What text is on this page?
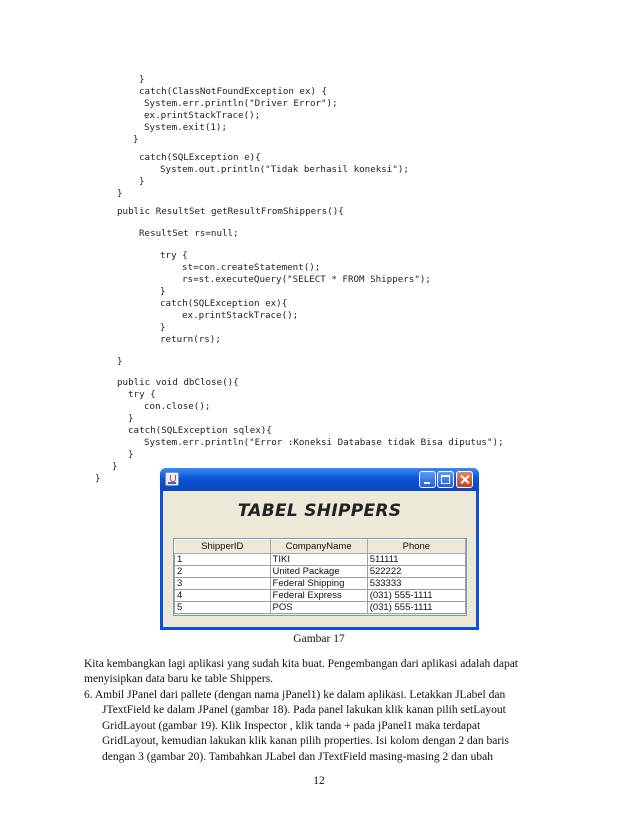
}
catch(ClassNotFoundException ex) {
System.err.println("Driver Error");
ex.printStackTrace();
System.exit(1);
}
catch(SQLException e){
System.out.println("Tidak berhasil koneksi");
}
}
public ResultSet getResultFromShippers(){
ResultSet rs=null;
try {
st=con.createStatement();
rs=st.executeQuery("SELECT * FROM Shippers");
}
catch(SQLException ex){
ex.printStackTrace();
}
return(rs);
}
public void dbClose(){
try {
con.close();
}
catch(SQLException sqlex){
System.err.println("Error :Koneksi Database tidak Bisa diputus");
}
}
}
TABEL SHIPPERS
ShipperID	CompanyName	Phone
1	TIKI	511111
2	United Package	522222
3	Federal Shipping	533333
4	Federal Express	(031) 555-1111
5	POS	(031) 555-1111
Gambar 17
Kita kembangkan lagi aplikasi yang sudah kita buat. Pengembangan dari aplikasi adalah dapat
menyisipkan data baru ke table Shippers.
6. Ambil JPanel dari pallete (dengan nama jPanel1) ke dalam aplikasi. Letakkan JLabel dan
JTextField ke dalam JPanel (gambar 18). Pada panel lakukan klik kanan pilih setLayout
GridLayout (gambar 19). Klik Inspector , klik tanda + pada jPanel1 maka terdapat
GridLayout, kemudian lakukan klik kanan pilih properties. Isi kolom dengan 2 dan baris
dengan 3 (gambar 20). Tambahkan JLabel dan JTextField masing-masing 2 dan ubah
12
